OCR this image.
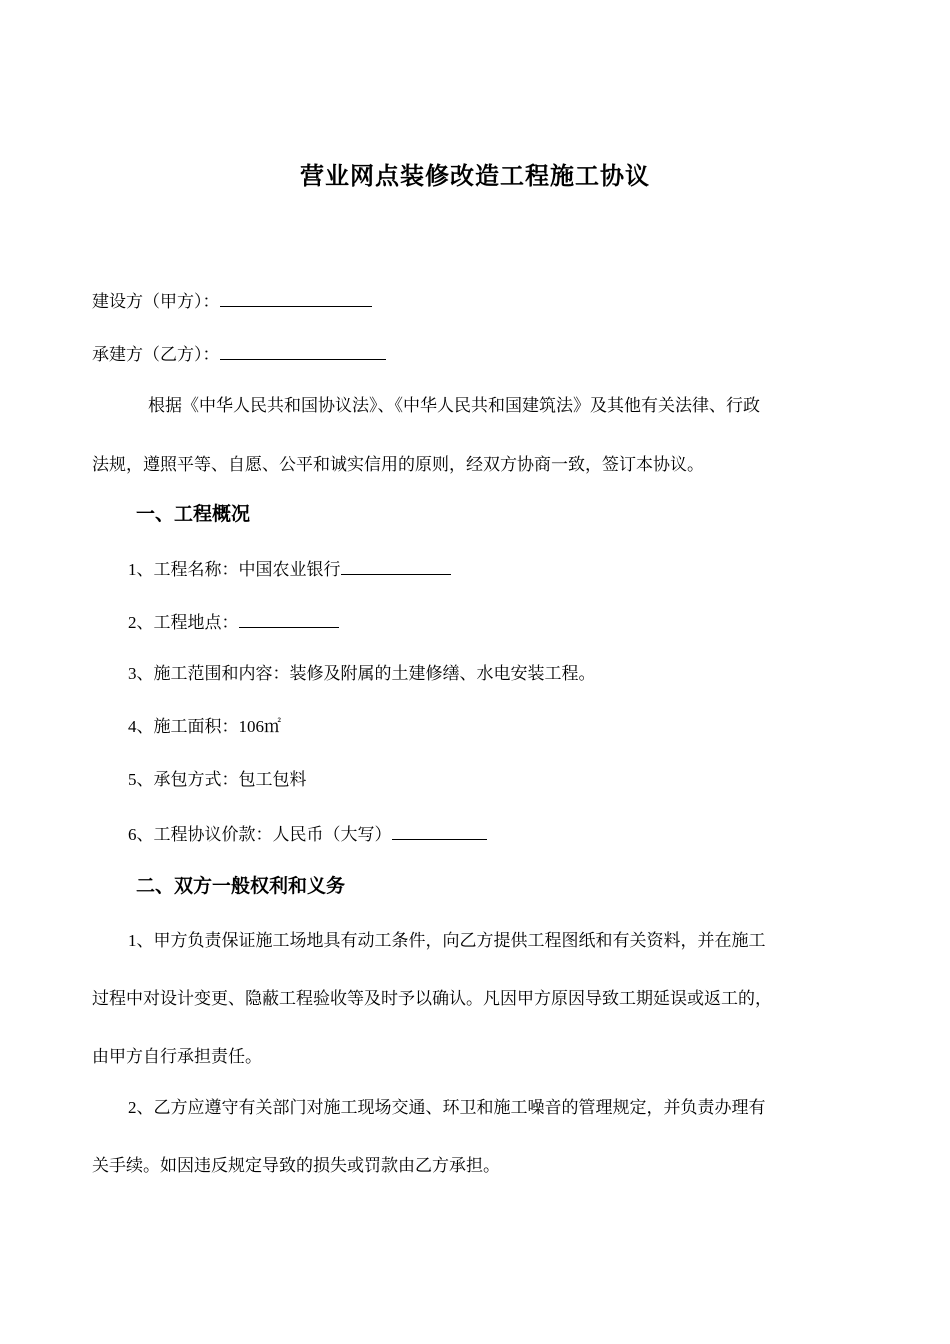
营业网点装修改造工程施工协议
建设方（甲方）：
承建方（乙方）：
根据《中华人民共和国协议法》、《中华人民共和国建筑法》及其他有关法律、行政
法规，遵照平等、自愿、公平和诚实信用的原则，经双方协商一致，签订本协议。
一、工程概况
1、工程名称：中国农业银行
2、工程地点：
3、施工范围和内容：装修及附属的土建修缮、水电安装工程。
4、施工面积：106㎡
5、承包方式：包工包料
6、工程协议价款：人民币（大写）
二、双方一般权利和义务
1、甲方负责保证施工场地具有动工条件，向乙方提供工程图纸和有关资料，并在施工
过程中对设计变更、隐蔽工程验收等及时予以确认。凡因甲方原因导致工期延误或返工的，
由甲方自行承担责任。
2、乙方应遵守有关部门对施工现场交通、环卫和施工噪音的管理规定，并负责办理有
关手续。如因违反规定导致的损失或罚款由乙方承担。
